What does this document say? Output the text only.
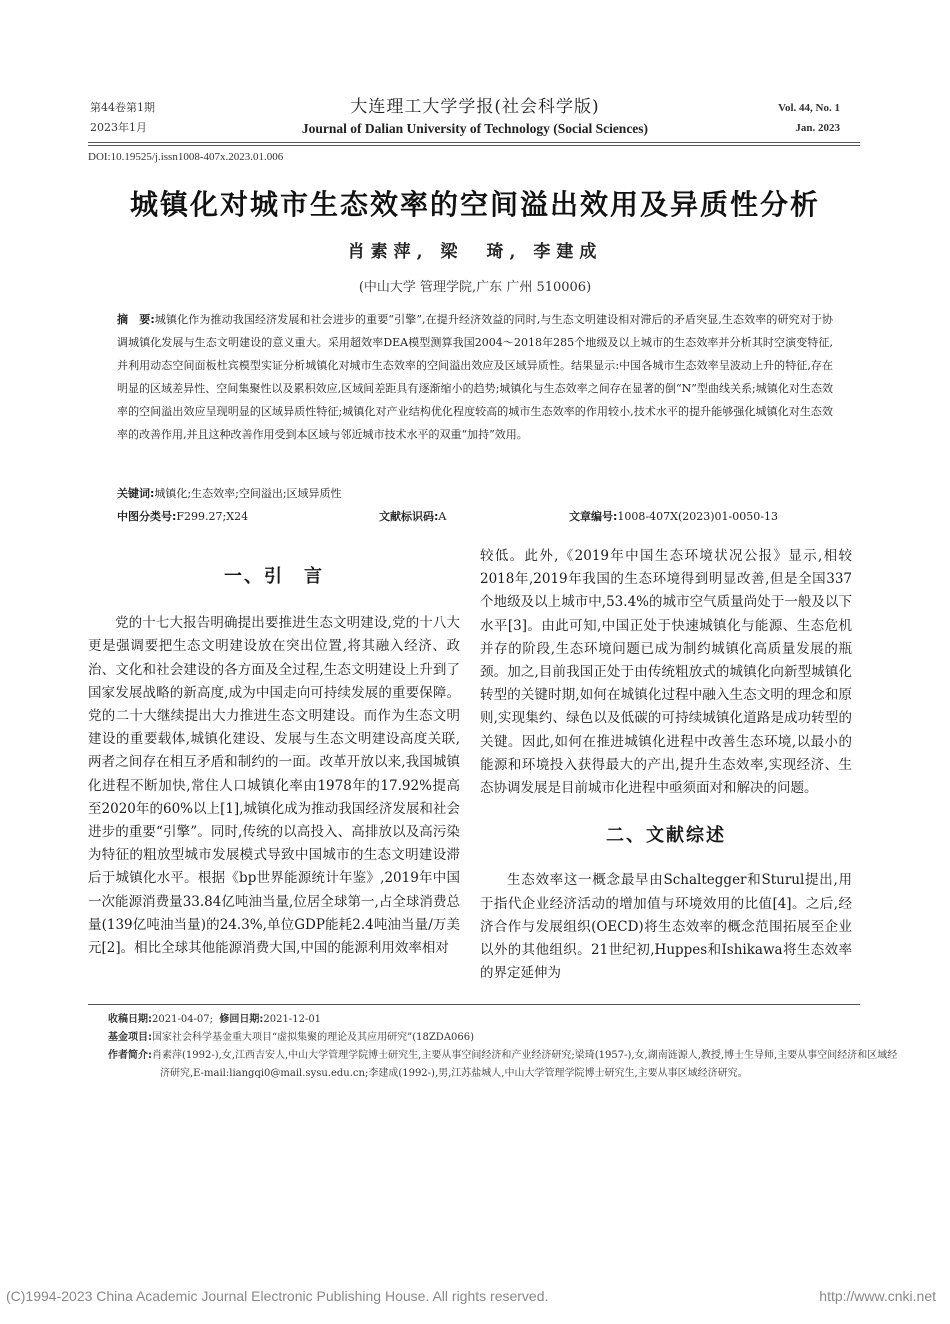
第44卷第1期
2023年1月
大连理工大学学报(社会科学版)
Journal of Dalian University of Technology (Social Sciences)
Vol. 44, No. 1
Jan. 2023
DOI:10.19525/j.issn1008-407x.2023.01.006
城镇化对城市生态效率的空间溢出效用及异质性分析
肖素萍, 梁　琦, 李建成
(中山大学 管理学院,广东 广州 510006)
摘　要:城镇化作为推动我国经济发展和社会进步的重要“引擎”,在提升经济效益的同时,与生态文明建设相对滞后的矛盾突显,生态效率的研究对于协调城镇化发展与生态文明建设的意义重大。采用超效率DEA模型测算我国2004～2018年285个地级及以上城市的生态效率并分析其时空演变特征,并利用动态空间面板杜宾模型实证分析城镇化对城市生态效率的空间溢出效应及区域异质性。结果显示:中国各城市生态效率呈波动上升的特征,存在明显的区域差异性、空间集聚性以及累积效应,区域间差距具有逐渐缩小的趋势;城镇化与生态效率之间存在显著的倒“N”型曲线关系;城镇化对生态效率的空间溢出效应呈现明显的区域异质性特征;城镇化对产业结构优化程度较高的城市生态效率的作用较小,技术水平的提升能够强化城镇化对生态效率的改善作用,并且这种改善作用受到本区域与邻近城市技术水平的双重“加持”效用。
关键词:城镇化;生态效率;空间溢出;区域异质性
中图分类号:F299.27;X24	文献标识码:A	文章编号:1008-407X(2023)01-0050-13
一、引　言

党的十七大报告明确提出要推进生态文明建设,党的十八大更是强调要把生态文明建设放在突出位置,将其融入经济、政治、文化和社会建设的各方面及全过程,生态文明建设上升到了国家发展战略的新高度,成为中国走向可持续发展的重要保障。党的二十大继续提出大力推进生态文明建设。而作为生态文明建设的重要载体,城镇化建设、发展与生态文明建设高度关联,两者之间存在相互矛盾和制约的一面。改革开放以来,我国城镇化进程不断加快,常住人口城镇化率由1978年的17.92%提高至2020年的60%以上[1],城镇化成为推动我国经济发展和社会进步的重要“引擎”。同时,传统的以高投入、高排放以及高污染为特征的粗放型城市发展模式导致中国城市的生态文明建设滞后于城镇化水平。根据《bp世界能源统计年鉴》,2019年中国一次能源消费量33.84亿吨油当量,位居全球第一,占全球消费总量(139亿吨油当量)的24.3%,单位GDP能耗2.4吨油当量/万美元[2]。相比全球其他能源消费大国,中国的能源利用效率相对

较低。此外,《2019年中国生态环境状况公报》显示,相较2018年,2019年我国的生态环境得到明显改善,但是全国337个地级及以上城市中,53.4%的城市空气质量尚处于一般及以下水平[3]。由此可知,中国正处于快速城镇化与能源、生态危机并存的阶段,生态环境问题已成为制约城镇化高质量发展的瓶颈。加之,目前我国正处于由传统粗放式的城镇化向新型城镇化转型的关键时期,如何在城镇化过程中融入生态文明的理念和原则,实现集约、绿色以及低碳的可持续城镇化道路是成功转型的关键。因此,如何在推进城镇化进程中改善生态环境,以最小的能源和环境投入获得最大的产出,提升生态效率,实现经济、生态协调发展是目前城市化进程中亟须面对和解决的问题。

二、文献综述

生态效率这一概念最早由Schaltegger和Sturul提出,用于指代企业经济活动的增加值与环境效用的比值[4]。之后,经济合作与发展组织(OECD)将生态效率的概念范围拓展至企业以外的其他组织。21世纪初,Huppes和Ishikawa将生态效率的界定延伸为

收稿日期:2021-04-07; 修回日期:2021-12-01
基金项目:国家社会科学基金重大项目“虚拟集聚的理论及其应用研究”(18ZDA066)
作者简介:肖素萍(1992-),女,江西吉安人,中山大学管理学院博士研究生,主要从事空间经济和产业经济研究;梁琦(1957-),女,湖南涟源人,教授,博士生导师,主要从事空间经济和区域经济研究,E-mail:liangqi0@mail.sysu.edu.cn;李建成(1992-),男,江苏盐城人,中山大学管理学院博士研究生,主要从事区域经济研究。
(C)1994-2023 China Academic Journal Electronic Publishing House. All rights reserved.	http://www.cnki.net
